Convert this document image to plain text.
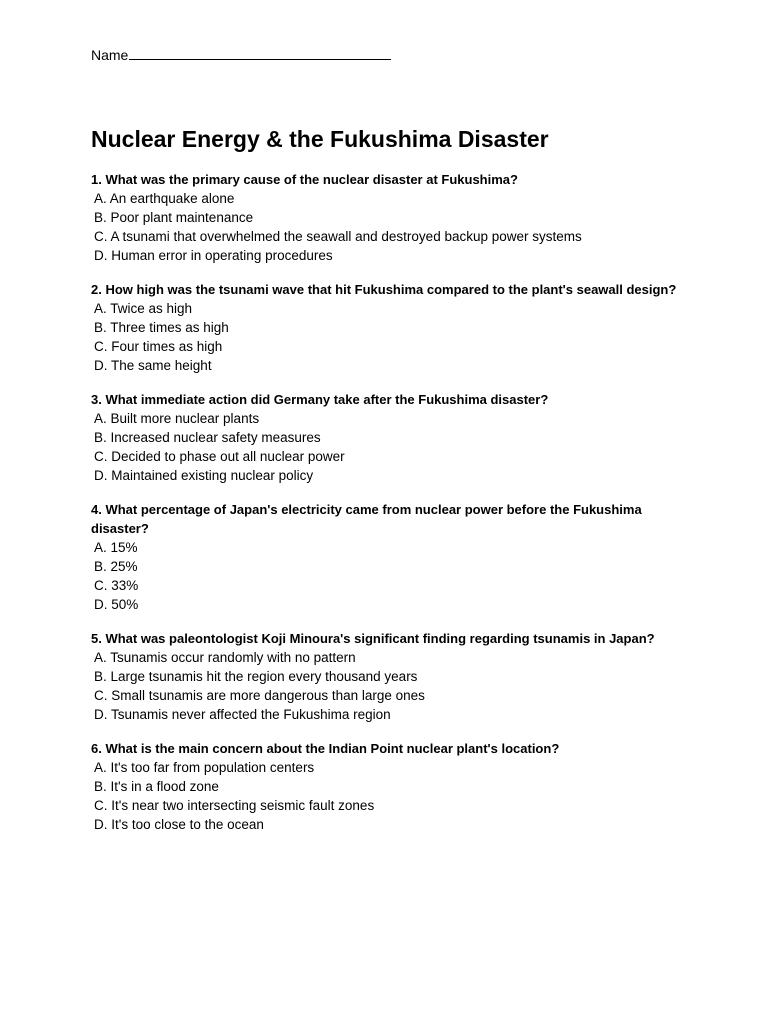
Name
Nuclear Energy & the Fukushima Disaster

1. What was the primary cause of the nuclear disaster at Fukushima?

A. An earthquake alone
B. Poor plant maintenance
C. A tsunami that overwhelmed the seawall and destroyed backup power systems
D. Human error in operating procedures

2. How high was the tsunami wave that hit Fukushima compared to the plant's seawall design?

A. Twice as high
B. Three times as high
C. Four times as high
D. The same height

3. What immediate action did Germany take after the Fukushima disaster?

A. Built more nuclear plants
B. Increased nuclear safety measures
C. Decided to phase out all nuclear power
D. Maintained existing nuclear policy

4. What percentage of Japan's electricity came from nuclear power before the Fukushima disaster?

A. 15%
B. 25%
C. 33%
D. 50%

5. What was paleontologist Koji Minoura's significant finding regarding tsunamis in Japan?

A. Tsunamis occur randomly with no pattern
B. Large tsunamis hit the region every thousand years
C. Small tsunamis are more dangerous than large ones
D. Tsunamis never affected the Fukushima region

6. What is the main concern about the Indian Point nuclear plant's location?

A. It's too far from population centers
B. It's in a flood zone
C. It's near two intersecting seismic fault zones
D. It's too close to the ocean
